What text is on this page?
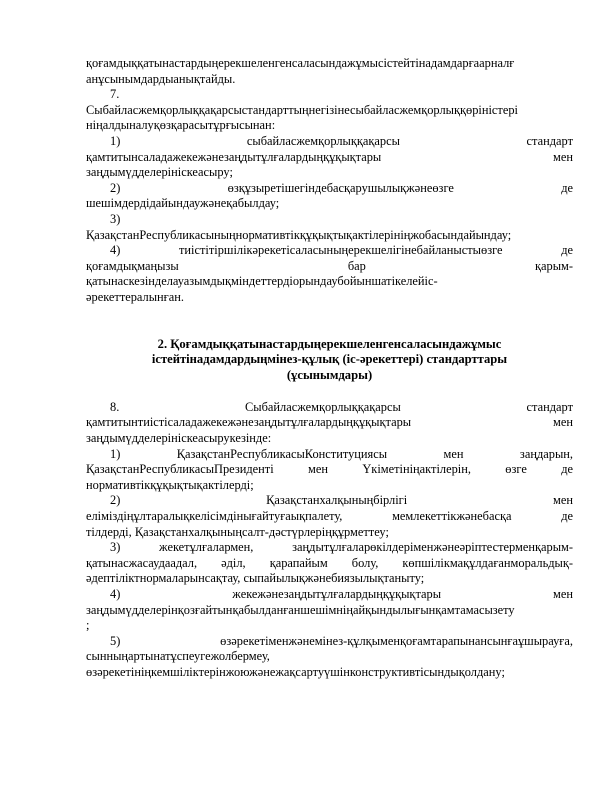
қоғамдыққатынастардыңерекшеленгенсаласындажұмысістейтінадамдарғаарналғ

анұсынымдардыанықтайды.

7.

Сыбайласжемқорлыққақарсыстандарттыңнегізінесыбайласжемқорлыққөріністері

ніңалдыналуқөзқарасытұрғысынан:

1) сыбайласжемқорлыққақарсы стандарт

қамтитынсаладажекежәнезаңдытұлғалардыңқұқықтары мен

заңдымүдделерініскеасыру;

2) өзқұзыретішегіндебасқарушылықжәнеөзге де

шешімдердідайындаужәнеқабылдау;

3)

ҚазақстанРеспубликасыныңнормативтікқұқықтықактілерініңжобасындайындау;

4) тиістітіршілікәрекетісаласыныңерекшелігінебайланыстыөзге де

қоғамдықмаңызы бар қарым-

қатынаскезінделауазымдықміндеттердіорындаубойыншатікелейіс-

әрекеттералынған.

2. Қоғамдыққатынастардыңерекшеленгенсаласындажұмыс
істейтінадамдардыңмінез-құлық (іс-әрекеттері) стандарттары
(ұсынымдары)

8. Сыбайласжемқорлыққақарсы стандарт

қамтитынтиістісаладажекежәнезаңдытұлғалардыңқұқықтары мен

заңдымүдделерініскеасырукезінде:

1) ҚазақстанРеспубликасыКонституциясы мен заңдарын,

ҚазақстанРеспубликасыПрезиденті мен Үкіметініңактілерін, өзге де

нормативтікқұқықтықактілерді;

2) Қазақстанхалқыныңбірлігі мен

еліміздіңұлтаралықкелісімдінығайтуғаықпалету, мемлекеттікжәнебасқа де

тілдерді, Қазақстанхалқыныңсалт-дәстүрлеріңқұрметтеу;

3) жекетұлғалармен, заңдытұлғаларөкілдеріменжәнеәріптестерменқарым-

қатынасжасаудаадал, әділ, қарапайым болу, көпшілікмақұлдағанморальдық-

әдептіліктнормаларынсақтау, сыпайылықжәнебиязылықтаныту;

4) жекежәнезаңдытұлғалардыңқұқықтары мен

заңдымүдделерінқозғайтынқабылданғаншешімніңайқындылығынқамтамасызету

;

5) өзәрекетіменжәнемінез-құлқыменқоғамтарапынансынғаұшырауға,

сынныңартынатұспеугежолбермеу,

өзәрекетініңкемшіліктерінжоюжәнежақсартуүшінконструктивтісындықолдану;
